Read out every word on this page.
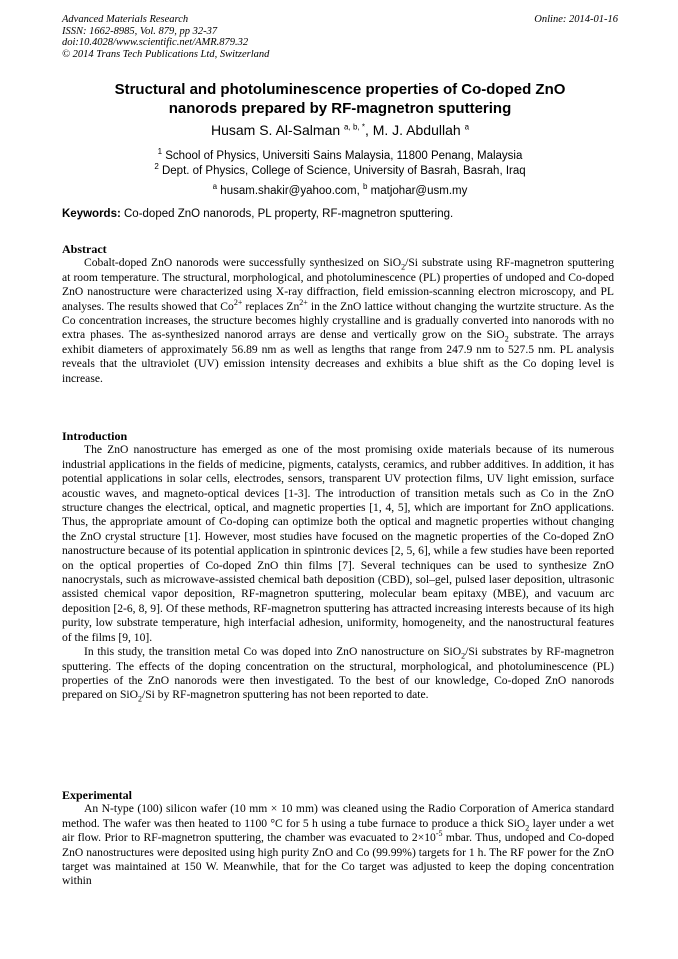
Advanced Materials Research
ISSN: 1662-8985, Vol. 879, pp 32-37
doi:10.4028/www.scientific.net/AMR.879.32
© 2014 Trans Tech Publications Ltd, Switzerland
Online: 2014-01-16
Structural and photoluminescence properties of Co-doped ZnO
nanorods prepared by RF-magnetron sputtering
Husam S. Al-Salman $^{a, b, *}$, M. J. Abdullah $^a$
$^1$ School of Physics, Universiti Sains Malaysia, 11800 Penang, Malaysia
$^2$ Dept. of Physics, College of Science, University of Basrah, Basrah, Iraq
$^a$ husam.shakir@yahoo.com, $^b$ matjohar@usm.my
Keywords: Co-doped ZnO nanorods, PL property, RF-magnetron sputtering.
Abstract

Cobalt-doped ZnO nanorods were successfully synthesized on SiO$_2$/Si substrate using RF-magnetron sputtering at room temperature. The structural, morphological, and photoluminescence (PL) properties of undoped and Co-doped ZnO nanostructure were characterized using X-ray diffraction, field emission-scanning electron microscopy, and PL analyses. The results showed that $Co^{2+}$ replaces $Zn^{2+}$ in the ZnO lattice without changing the wurtzite structure. As the Co concentration increases, the structure becomes highly crystalline and is gradually converted into nanorods with no extra phases. The as-synthesized nanorod arrays are dense and vertically grow on the SiO$_2$ substrate. The arrays exhibit diameters of approximately 56.89 nm as well as lengths that range from 247.9 nm to 527.5 nm. PL analysis reveals that the ultraviolet (UV) emission intensity decreases and exhibits a blue shift as the Co doping level is increase.

Introduction

The ZnO nanostructure has emerged as one of the most promising oxide materials because of its numerous industrial applications in the fields of medicine, pigments, catalysts, ceramics, and rubber additives. In addition, it has potential applications in solar cells, electrodes, sensors, transparent UV protection films, UV light emission, surface acoustic waves, and magneto-optical devices [1-3]. The introduction of transition metals such as Co in the ZnO structure changes the electrical, optical, and magnetic properties [1, 4, 5], which are important for ZnO applications. Thus, the appropriate amount of Co-doping can optimize both the optical and magnetic properties without changing the ZnO crystal structure [1]. However, most studies have focused on the magnetic properties of the Co-doped ZnO nanostructure because of its potential application in spintronic devices [2, 5, 6], while a few studies have been reported on the optical properties of Co-doped ZnO thin films [7]. Several techniques can be used to synthesize ZnO nanocrystals, such as microwave-assisted chemical bath deposition (CBD), sol–gel, pulsed laser deposition, ultrasonic assisted chemical vapor deposition, RF-magnetron sputtering, molecular beam epitaxy (MBE), and vacuum arc deposition [2-6, 8, 9]. Of these methods, RF-magnetron sputtering has attracted increasing interests because of its high purity, low substrate temperature, high interfacial adhesion, uniformity, homogeneity, and the nanostructural features of the films [9, 10].

In this study, the transition metal Co was doped into ZnO nanostructure on SiO$_2$/Si substrates by RF-magnetron sputtering. The effects of the doping concentration on the structural, morphological, and photoluminescence (PL) properties of the ZnO nanorods were then investigated. To the best of our knowledge, Co-doped ZnO nanorods prepared on SiO$_2$/Si by RF-magnetron sputtering has not been reported to date.

Experimental

An N-type (100) silicon wafer (10 mm × 10 mm) was cleaned using the Radio Corporation of America standard method. The wafer was then heated to 1100 °C for 5 h using a tube furnace to produce a thick SiO$_2$ layer under a wet air flow. Prior to RF-magnetron sputtering, the chamber was evacuated to $2\times 10^{-5}$ mbar. Thus, undoped and Co-doped ZnO nanostructures were deposited using high purity ZnO and Co (99.99%) targets for 1 h. The RF power for the ZnO target was maintained at 150 W. Meanwhile, that for the Co target was adjusted to keep the doping concentration within
